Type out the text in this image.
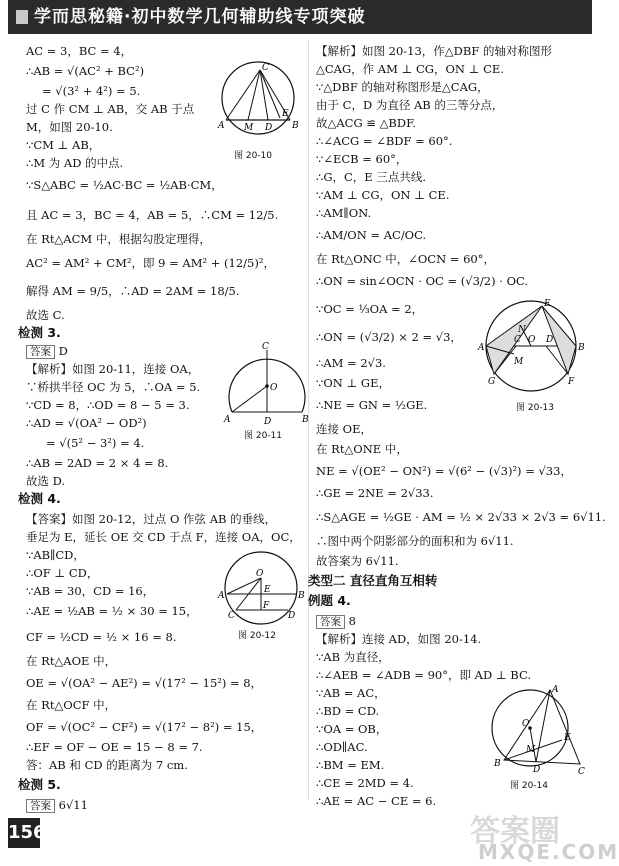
学而思秘籍·初中数学几何辅助线专项突破
AC = 3，BC = 4，
∴AB = √(AC² + BC²)
= √(3² + 4²) = 5.
过 C 作 CM ⊥ AB，交 AB 于点
M，如图 20-10.
∵CM ⊥ AB，
∴M 为 AD 的中点.
∵S△ABC = ½AC·BC = ½AB·CM，
且 AC = 3，BC = 4，AB = 5，∴CM = 12/5.
在 Rt△ACM 中，根据勾股定理得，
AC² = AM² + CM²，即 9 = AM² + (12/5)²，
解得 AM = 9/5，∴AD = 2AM = 18/5.
故选 C.
检测 3.
答案 D
【解析】如图 20-11，连接 OA，
∵桥拱半径 OC 为 5，∴OA = 5.
∵CD = 8，∴OD = 8 − 5 = 3.
∴AD = √(OA² − OD²)
= √(5² − 3²) = 4.
∴AB = 2AD = 2 × 4 = 8.
故选 D.
检测 4.
【答案】如图 20-12，过点 O 作弦 AB 的垂线，
垂足为 E，延长 OE 交 CD 于点 F，连接 OA，OC，
∵AB∥CD，
∴OF ⊥ CD，
∵AB = 30，CD = 16，
∴AE = ½AB = ½ × 30 = 15，
CF = ½CD = ½ × 16 = 8.
在 Rt△AOE 中，
OE = √(OA² − AE²) = √(17² − 15²) = 8，
在 Rt△OCF 中，
OF = √(OC² − CF²) = √(17² − 8²) = 15，
∴EF = OF − OE = 15 − 8 = 7.
答：AB 和 CD 的距离为 7 cm.
检测 5.
答案 6√11
C
A M D
E
B
图 20-10
C
O
A	D	B
图 20-11
O
E
A	B
C
F
D
图 20-12
【解析】如图 20-13，作△DBF 的轴对称图形
△CAG，作 AM ⊥ CG，ON ⊥ CE.
∵△DBF 的轴对称图形是△CAG，
由于 C，D 为直径 AB 的三等分点，
故△ACG ≌ △BDF.
∴∠ACG = ∠BDF = 60°.
∵∠ECB = 60°，
∴G，C，E 三点共线.
∵AM ⊥ CG，ON ⊥ CE.
∴AM∥ON.
∴AM/ON = AC/OC.
在 Rt△ONC 中，∠OCN = 60°，
∴ON = sin∠OCN · OC = (√3/2) · OC.
∵OC = ⅓OA = 2，
∴ON = (√3/2) × 2 = √3，
∴AM = 2√3.
∵ON ⊥ GE，
∴NE = GN = ½GE.
连接 OE，
在 Rt△ONE 中，
NE = √(OE² − ON²) = √(6² − (√3)²) = √33，
∴GE = 2NE = 2√33.
∴S△AGE = ½GE · AM = ½ × 2√33 × 2√3 = 6√11.
∴图中两个阴影部分的面积和为 6√11.
故答案为 6√11.
类型二 直径直角互相转
例题 4.
答案 8
【解析】连接 AD，如图 20-14.
∵AB 为直径，
∴∠AEB = ∠ADB = 90°，即 AD ⊥ BC.
∵AB = AC，
∴BD = CD.
∵OA = OB，
∴OD∥AC.
∴BM = EM.
∴CE = 2MD = 4.
∴AE = AC − CE = 6.
E
N
O D
A
C
B
G
M
F
图 20-13
A
O
E
M
B
D	C
图 20-14
156	答案圈
MXQE.COM
